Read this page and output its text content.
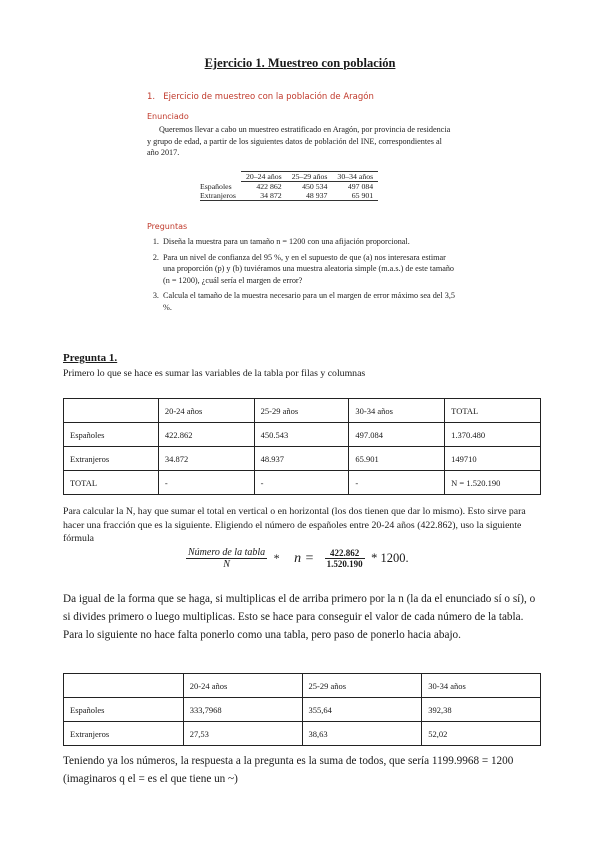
Ejercicio 1. Muestreo con población
1. Ejercicio de muestreo con la población de Aragón
Enunciado
Queremos llevar a cabo un muestreo estratificado en Aragón, por provincia de residencia y grupo de edad, a partir de los siguientes datos de población del INE, correspondientes al año 2017.
	20–24 años	25–29 años	30–34 años
Españoles	422 862	450 534	497 084
Extranjeros	34 872	48 937	65 901
Preguntas
1. Diseña la muestra para un tamaño n = 1200 con una afijación proporcional.
2. Para un nivel de confianza del 95 %, y en el supuesto de que (a) nos interesara estimar una proporción (p) y (b) tuviéramos una muestra aleatoria simple (m.a.s.) de este tamaño (n = 1200), ¿cuál sería el margen de error?
3. Calcula el tamaño de la muestra necesario para un el margen de error máximo sea del 3,5 %.
Pregunta 1.
Primero lo que se hace es sumar las variables de la tabla por filas y columnas
	20-24 años	25-29 años	30-34 años	TOTAL
Españoles	422.862	450.543	497.084	1.370.480
Extranjeros	34.872	48.937	65.901	149710
TOTAL	-	-	-	N = 1.520.190
Para calcular la N, hay que sumar el total en vertical o en horizontal (los dos tienen que dar lo mismo). Esto sirve para hacer una fracción que es la siguiente. Eligiendo el número de españoles entre 20-24 años (422.862), uso la siguiente fórmula
$\frac{\text{Número de la tabla}}{N} * n = \frac{422.862}{1.520.190} * 1200$.
Da igual de la forma que se haga, si multiplicas el de arriba primero por la n (la da el enunciado sí o sí), o si divides primero o luego multiplicas. Esto se hace para conseguir el valor de cada número de la tabla. Para lo siguiente no hace falta ponerlo como una tabla, pero paso de ponerlo hacia abajo.
	20-24 años	25-29 años	30-34 años
Españoles	333,7968	355,64	392,38
Extranjeros	27,53	38,63	52,02
Teniendo ya los números, la respuesta a la pregunta es la suma de todos, que sería 1199.9968 = 1200 (imaginaros q el = es el que tiene un ~)
